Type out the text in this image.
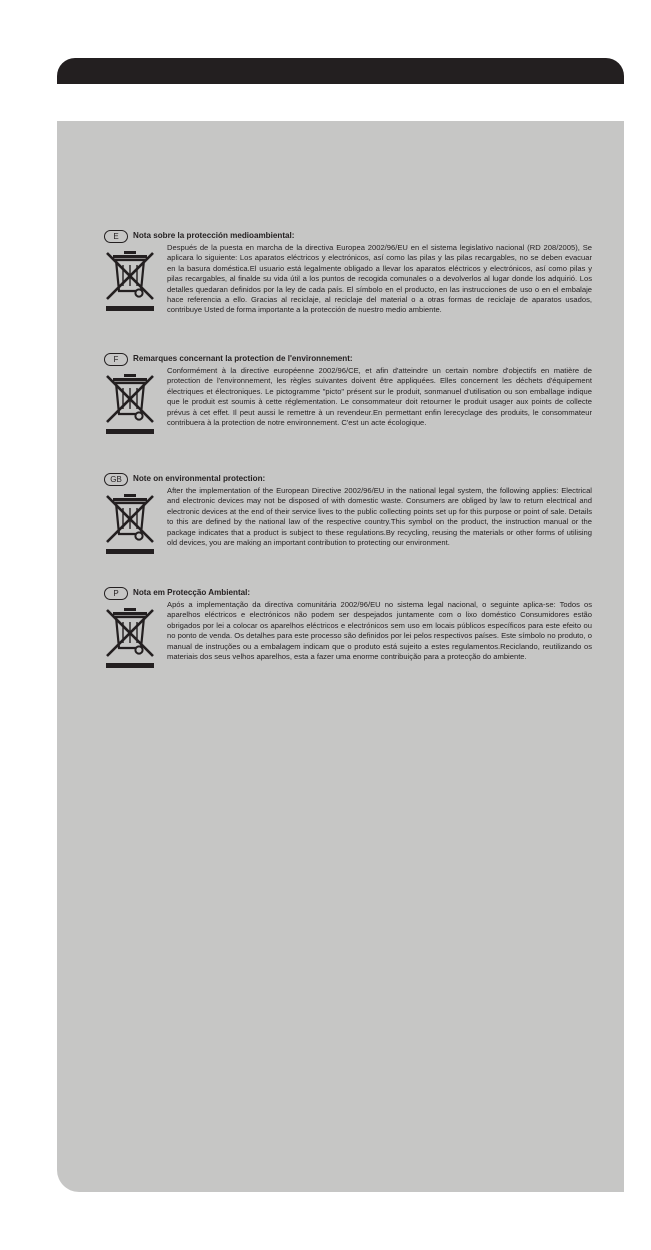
E	Nota sobre la protección medioambiental:

Después de la puesta en marcha de la directiva Europea 2002/96/EU en el sistema legislativo nacional (RD 208/2005), Se aplicara lo siguiente: Los aparatos eléctricos y electrónicos, así como las pilas y las pilas recargables, no se deben evacuar en la basura doméstica.El usuario está legalmente obligado a llevar los aparatos eléctricos y electrónicos, así como pilas y pilas recargables, al finalde su vida útil a los puntos de recogida comunales o a devolverlos al lugar donde los adquirió. Los detalles quedaran definidos por la ley de cada país. El símbolo en el producto, en las instrucciones de uso o en el embalaje hace referencia a ello. Gracias al reciclaje, al reciclaje del material o a otras formas de reciclaje de aparatos usados, contribuye Usted de forma importante a la protección de nuestro medio ambiente.

F	Remarques concernant la protection de l'environnement:

Conformément à la directive européenne 2002/96/CE, et afin d'atteindre un certain nombre d'objectifs en matière de protection de l'environnement, les règles suivantes doivent être appliquées. Elles concernent les déchets d'équipement électriques et électroniques. Le pictogramme "picto" présent sur le produit, sonmanuel d'utilisation ou son emballage indique que le produit est soumis à cette réglementation. Le consommateur doit retourner le produit usager aux points de collecte prévus à cet effet. Il peut aussi le remettre à un revendeur.En permettant enfin lerecyclage des produits, le consommateur contribuera à la protection de notre environnement. C'est un acte écologique.

GB	Note on environmental protection:

After the implementation of the European Directive 2002/96/EU in the national legal system, the following applies: Electrical and electronic devices may not be disposed of with domestic waste. Consumers are obliged by law to return electrical and electronic devices at the end of their service lives to the public collecting points set up for this purpose or point of sale. Details to this are defined by the national law of the respective country.This symbol on the product, the instruction manual or the package indicates that a product is subject to these regulations.By recycling, reusing the materials or other forms of utilising old devices, you are making an important contribution to protecting our environment.

P	Nota em Protecção Ambiental:

Após a implementação da directiva comunitária 2002/96/EU no sistema legal nacional, o seguinte aplica-se: Todos os aparelhos eléctricos e electrónicos não podem ser despejados juntamente com o lixo doméstico Consumidores estão obrigados por lei a colocar os aparelhos eléctricos e electrónicos sem uso em locais públicos específicos para este efeito ou no ponto de venda. Os detalhes para este processo são definidos por lei pelos respectivos países. Este símbolo no produto, o manual de instruções ou a embalagem indicam que o produto está sujeito a estes regulamentos.Reciclando, reutilizando os materiais dos seus velhos aparelhos, esta a fazer uma enorme contribuição para a protecção do ambiente.
